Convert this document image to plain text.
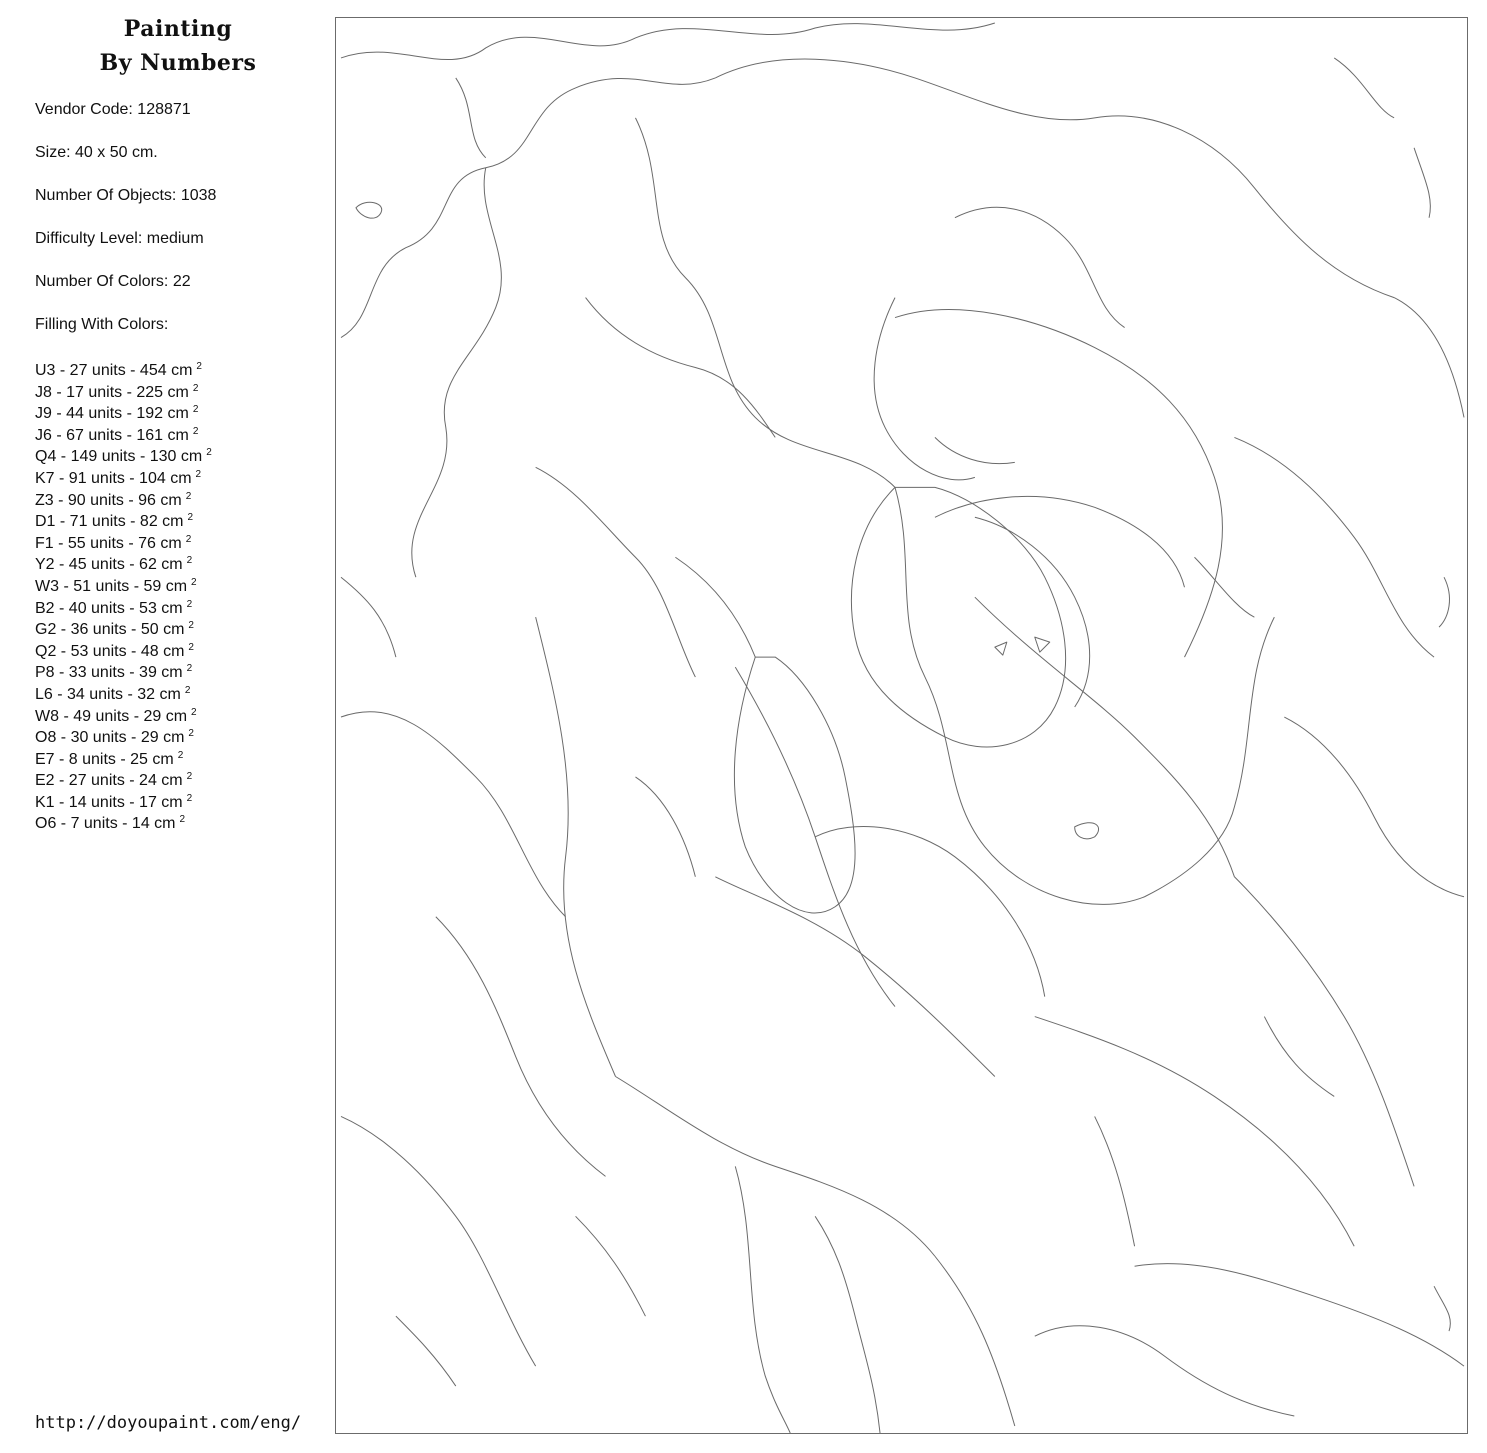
Painting
By Numbers
Vendor Code: 128871
Size: 40 x 50 cm.
Number Of Objects: 1038
Difficulty Level: medium
Number Of Colors: 22
Filling With Colors:
U3 - 27 units - 454 cm $^2$
J8 - 17 units - 225 cm $^2$
J9 - 44 units - 192 cm $^2$
J6 - 67 units - 161 cm $^2$
Q4 - 149 units - 130 cm $^2$
K7 - 91 units - 104 cm $^2$
Z3 - 90 units - 96 cm $^2$
D1 - 71 units - 82 cm $^2$
F1 - 55 units - 76 cm $^2$
Y2 - 45 units - 62 cm $^2$
W3 - 51 units - 59 cm $^2$
B2 - 40 units - 53 cm $^2$
G2 - 36 units - 50 cm $^2$
Q2 - 53 units - 48 cm $^2$
P8 - 33 units - 39 cm $^2$
L6 - 34 units - 32 cm $^2$
W8 - 49 units - 29 cm $^2$
O8 - 30 units - 29 cm $^2$
E7 - 8 units - 25 cm $^2$
E2 - 27 units - 24 cm $^2$
K1 - 14 units - 17 cm $^2$
O6 - 7 units - 14 cm $^2$
http://doyoupaint.com/eng/
